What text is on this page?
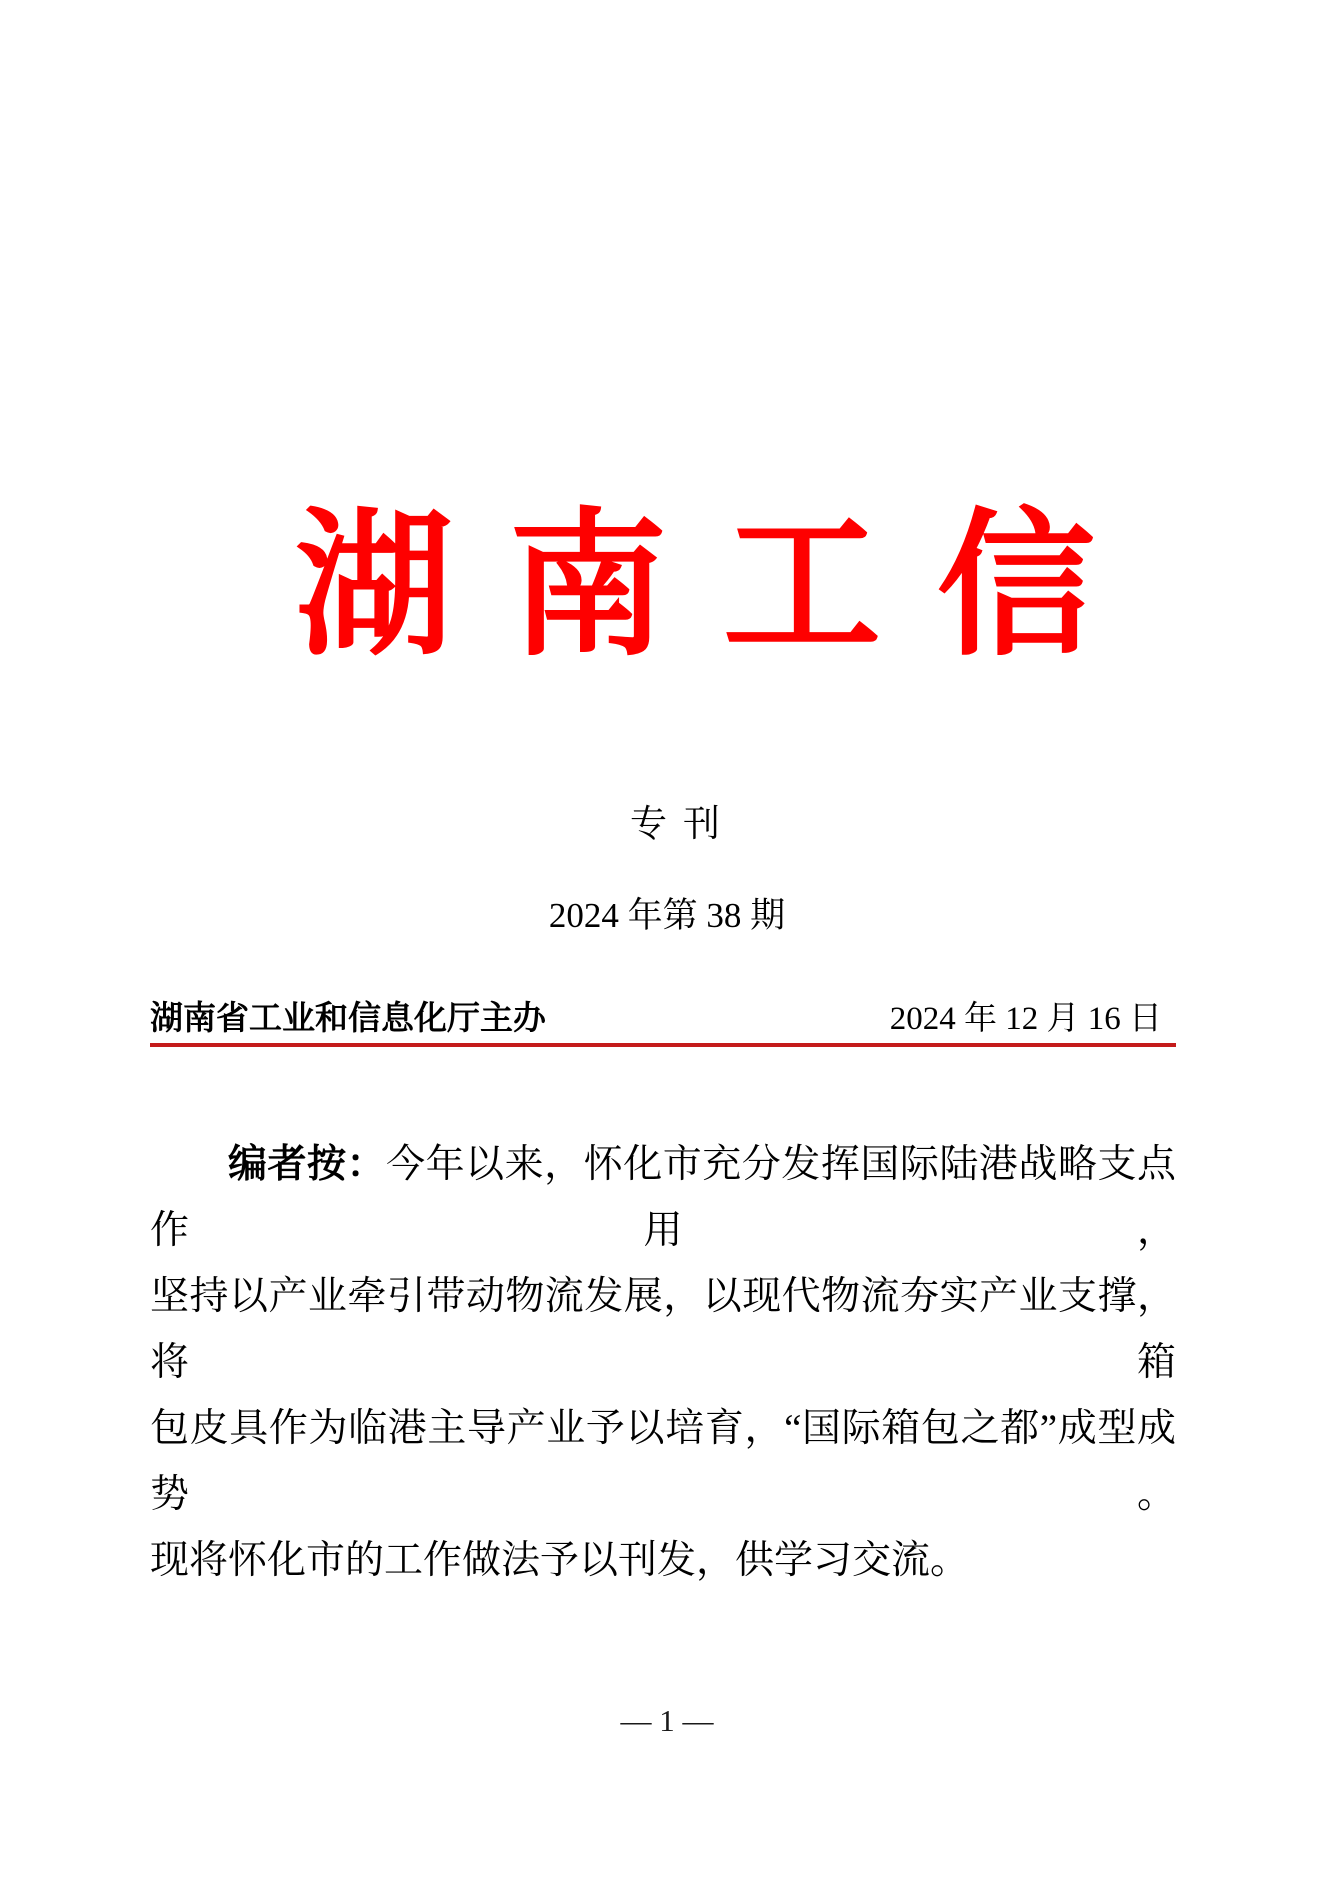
湖南工信
专刊
2024 年第 38 期
湖南省工业和信息化厅主办	2024 年 12 月 16 日
编者按：今年以来，怀化市充分发挥国际陆港战略支点作用，
坚持以产业牵引带动物流发展，以现代物流夯实产业支撑，将箱
包皮具作为临港主导产业予以培育，“国际箱包之都”成型成势。
现将怀化市的工作做法予以刊发，供学习交流。
— 1 —
